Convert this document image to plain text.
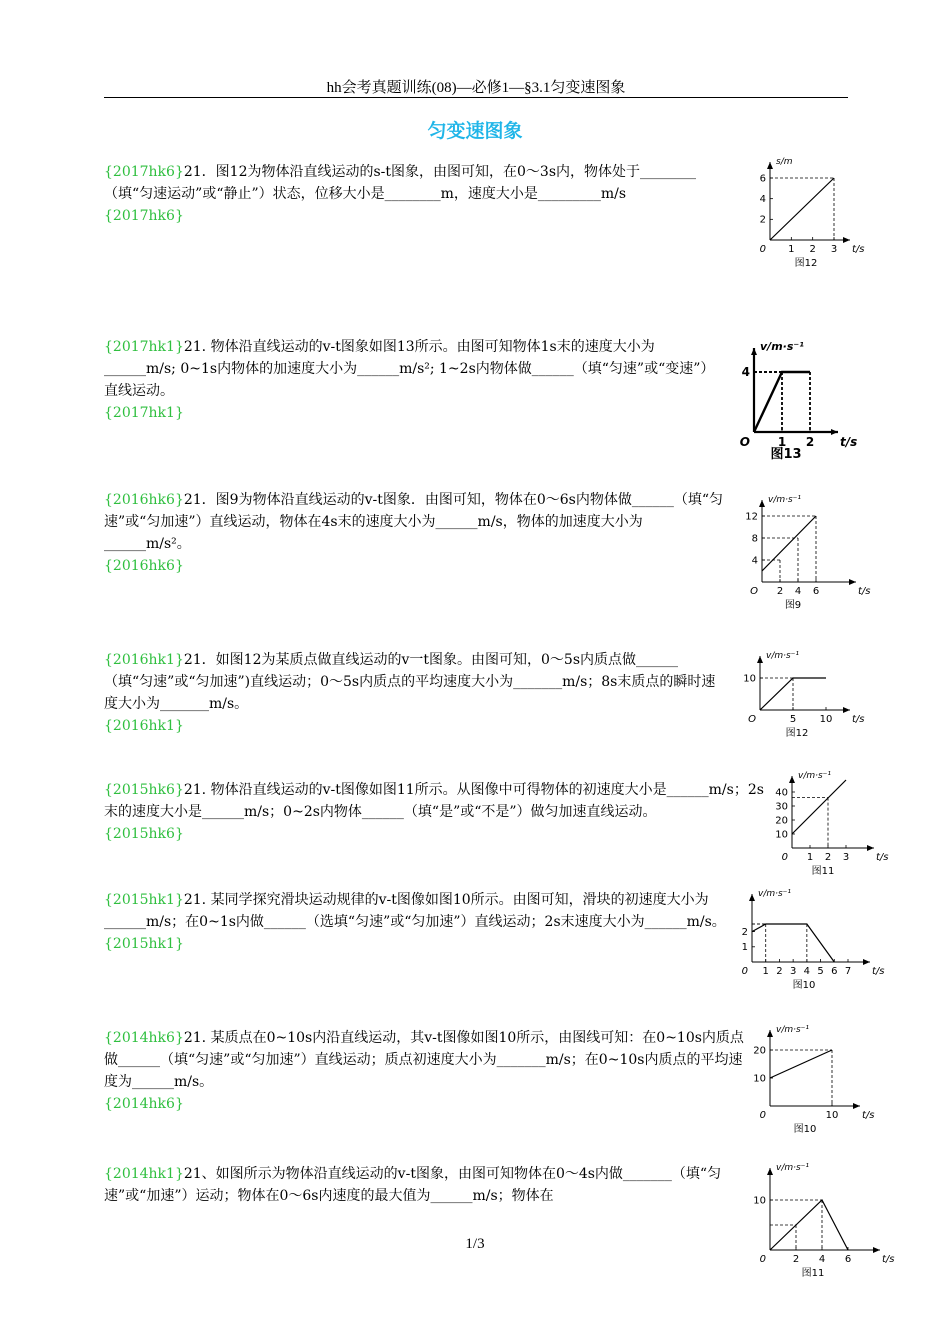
hh会考真题训练(08)—必修1—§3.1匀变速图象
匀变速图象

{2017hk6}21．图12为物体沿直线运动的s-t图象，由图可知，在0～3s内，物体处于________（填“匀速运动”或“静止”）状态，位移大小是________m，速度大小是_________m/s

{2017hk6}

{2017hk1}21. 物体沿直线运动的v-t图象如图13所示。由图可知物体1s末的速度大小为______m/s; 0~1s内物体的加速度大小为______m/s²; 1~2s内物体做______（填“匀速”或“变速”）直线运动。

{2017hk1}

{2016hk6}21．图9为物体沿直线运动的v-t图象．由图可知，物体在0～6s内物体做______（填“匀速”或“匀加速”）直线运动，物体在4s末的速度大小为______m/s，物体的加速度大小为______m/s²。

{2016hk6}

{2016hk1}21．如图12为某质点做直线运动的v一t图象。由图可知，0～5s内质点做______（填“匀速”或“匀加速”)直线运动；0～5s内质点的平均速度大小为_______m/s；8s末质点的瞬时速度大小为_______m/s。

{2016hk1}

{2015hk6}21. 物体沿直线运动的v-t图像如图11所示。从图像中可得物体的初速度大小是______m/s；2s末的速度大小是______m/s；0~2s内物体______（填“是”或“不是”）做匀加速直线运动。

{2015hk6}

{2015hk1}21. 某同学探究滑块运动规律的v-t图像如图10所示。由图可知，滑块的初速度大小为______m/s；在0~1s内做______（选填“匀速”或“匀加速”）直线运动；2s末速度大小为______m/s。

{2015hk1}

{2014hk6}21. 某质点在0~10s内沿直线运动，其v-t图像如图10所示，由图线可知：在0~10s内质点做______（填“匀速”或“匀加速”）直线运动；质点初速度大小为_______m/s；在0~10s内质点的平均速度为______m/s。

{2014hk6}

{2014hk1}21、如图所示为物体沿直线运动的v-t图象，由图可知物体在0～4s内做_______（填“匀速”或“加速”）运动；物体在0～6s内速度的最大值为______m/s；物体在

1 2 3
2
4
6
0	t/s
s/m
图12
1 2
4
O	t/s
v/m·s⁻¹
图13
2 4 6
4
8
12
O	t/s
v/m·s⁻¹
图9
5 10
10
O	t/s
v/m·s⁻¹
图12
1 2 3
10
20
30
40
0	t/s
v/m·s⁻¹
图11
1 2 3 4 5 6 7
1
2
0	t/s
v/m·s⁻¹
图10
10
10
20
0	t/s
v/m·s⁻¹
图10
2 4 6
10
0	t/s
v/m·s⁻¹
图11
1/3
